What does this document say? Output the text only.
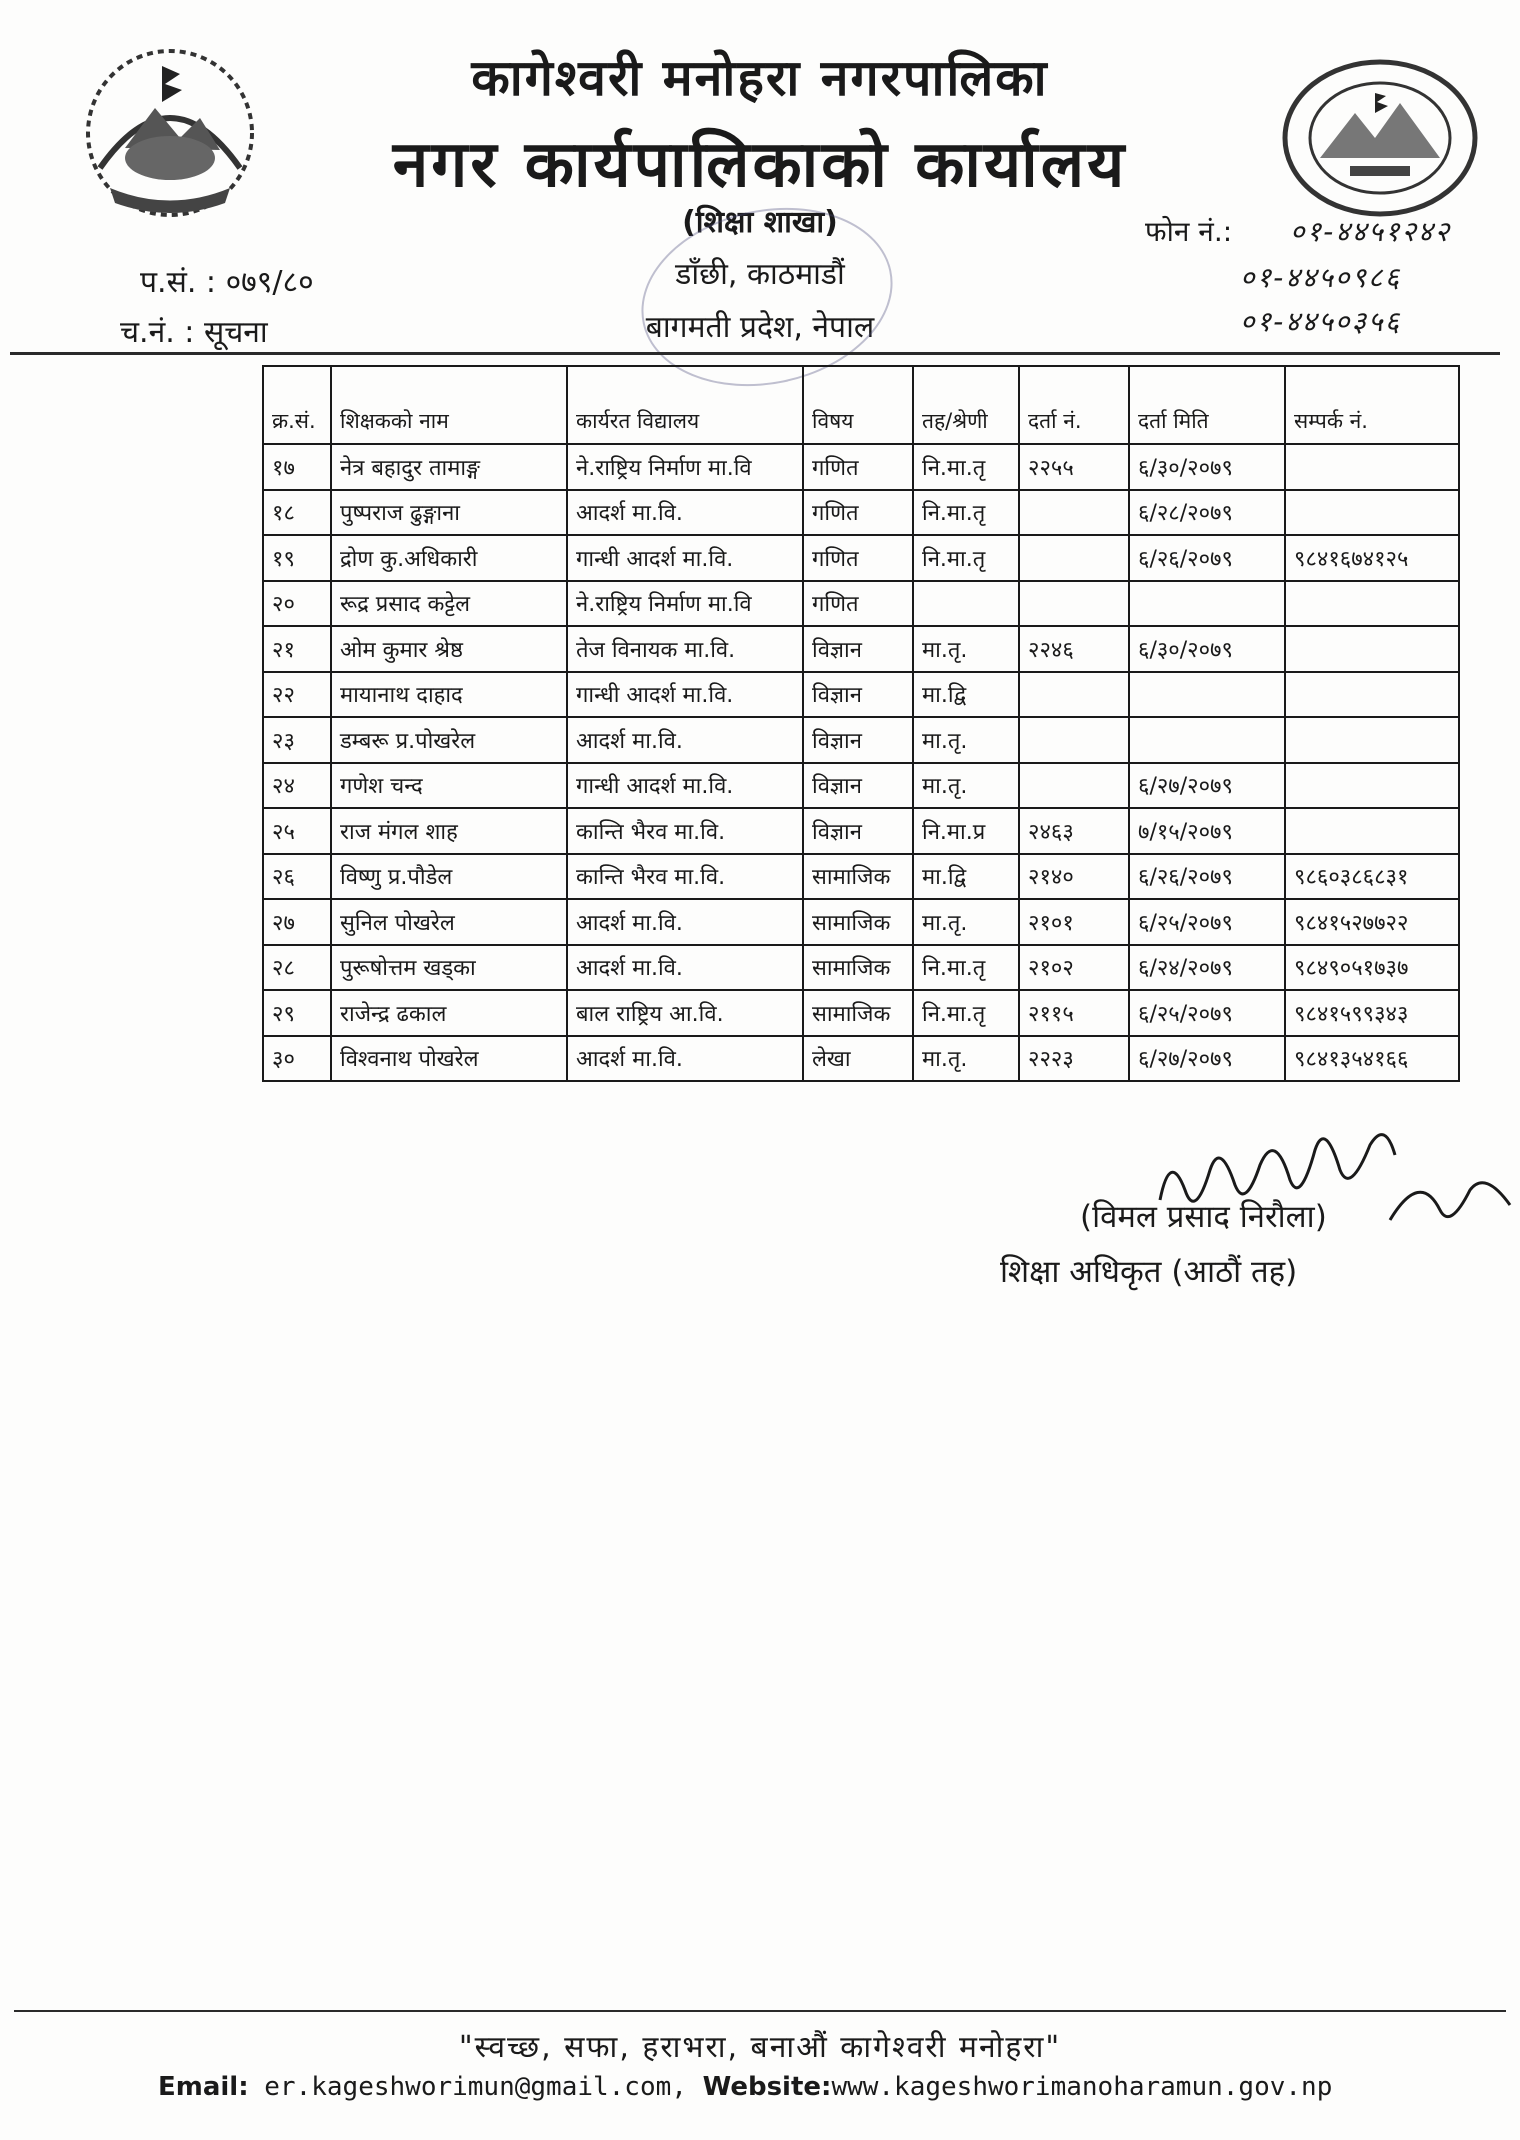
कागेश्वरी मनोहरा नगरपालिका
नगर कार्यपालिकाको कार्यालय
(शिक्षा शाखा)
डाँछी, काठमाडौं
बागमती प्रदेश, नेपाल
प.सं. : ०७९/८०
च.नं. : सूचना
फोन नं.: ०१-४४५१२४२
०१-४४५०९८६
०१-४४५०३५६
क्र.सं.	शिक्षकको नाम	कार्यरत विद्यालय	विषय	तह/श्रेणी	दर्ता नं.	दर्ता मिति	सम्पर्क नं.
१७	नेत्र बहादुर तामाङ्ग	ने.राष्ट्रिय निर्माण मा.वि	गणित	नि.मा.तृ	२२५५	६/३०/२०७९	
१८	पुष्पराज ढुङ्गाना	आदर्श मा.वि.	गणित	नि.मा.तृ		६/२८/२०७९	
१९	द्रोण कु.अधिकारी	गान्धी आदर्श मा.वि.	गणित	नि.मा.तृ		६/२६/२०७९	९८४१६७४१२५
२०	रूद्र प्रसाद कट्टेल	ने.राष्ट्रिय निर्माण मा.वि	गणित				
२१	ओम कुमार श्रेष्ठ	तेज विनायक मा.वि.	विज्ञान	मा.तृ.	२२४६	६/३०/२०७९	
२२	मायानाथ दाहाद	गान्धी आदर्श मा.वि.	विज्ञान	मा.द्वि			
२३	डम्बरू प्र.पोखरेल	आदर्श मा.वि.	विज्ञान	मा.तृ.			
२४	गणेश चन्द	गान्धी आदर्श मा.वि.	विज्ञान	मा.तृ.		६/२७/२०७९	
२५	राज मंगल शाह	कान्ति भैरव मा.वि.	विज्ञान	नि.मा.प्र	२४६३	७/१५/२०७९	
२६	विष्णु प्र.पौडेल	कान्ति भैरव मा.वि.	सामाजिक	मा.द्वि	२१४०	६/२६/२०७९	९८६०३८६८३१
२७	सुनिल पोखरेल	आदर्श मा.वि.	सामाजिक	मा.तृ.	२१०१	६/२५/२०७९	९८४१५२७७२२
२८	पुरूषोत्तम खड्का	आदर्श मा.वि.	सामाजिक	नि.मा.तृ	२१०२	६/२४/२०७९	९८४९०५१७३७
२९	राजेन्द्र ढकाल	बाल राष्ट्रिय आ.वि.	सामाजिक	नि.मा.तृ	२११५	६/२५/२०७९	९८४१५९९३४३
३०	विश्वनाथ पोखरेल	आदर्श मा.वि.	लेखा	मा.तृ.	२२२३	६/२७/२०७९	९८४१३५४१६६
(विमल प्रसाद निरौला)
शिक्षा अधिकृत (आठौं तह)
"स्वच्छ, सफा, हराभरा, बनाऔं कागेश्वरी मनोहरा"
Email: er.kageshworimun@gmail.com, Website:www.kageshworimanoharamun.gov.np
